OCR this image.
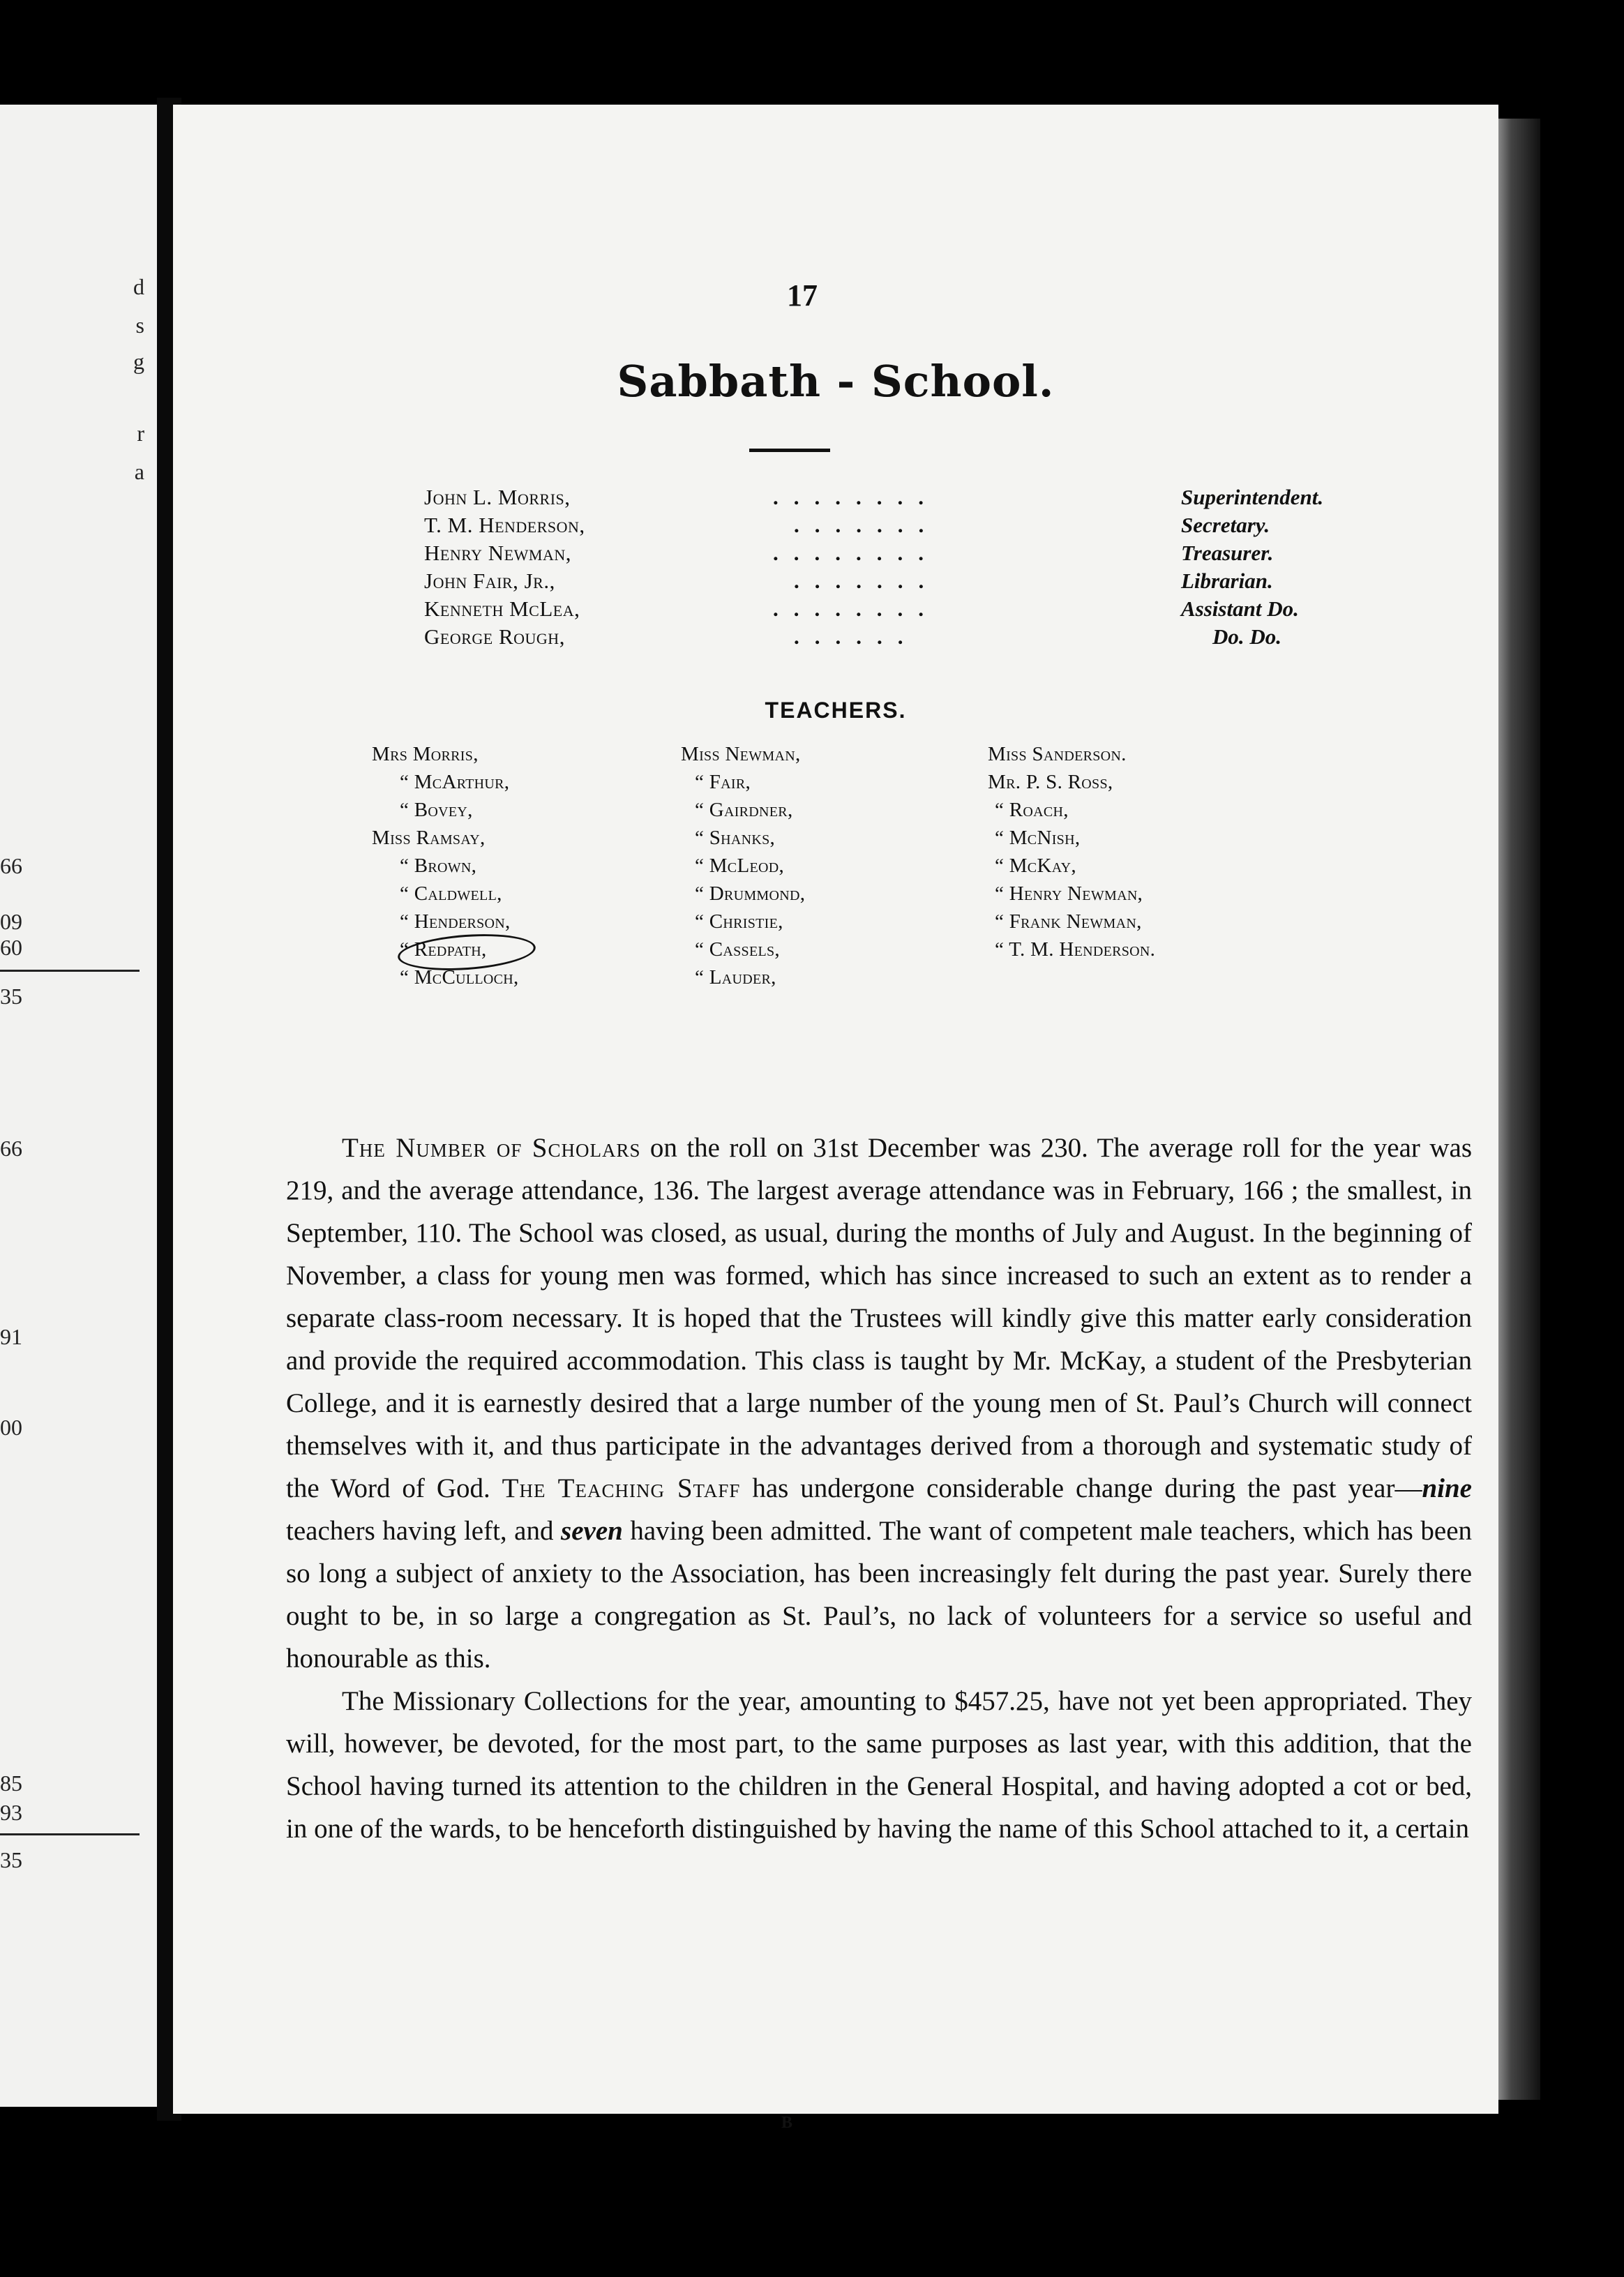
d
s
g
r
a
66
09
60
35
66
91
00
85
93
35
17
Sabbath - School.
John L. Morris,	........	Superintendent.
T. M. Henderson,	.......	Secretary.
Henry Newman,	........	Treasurer.
John Fair, Jr.,	.......	Librarian.
Kenneth McLea,	........	Assistant Do.
George Rough,	......	Do. Do.
TEACHERS.
Mrs Morris,
“ McArthur,
“ Bovey,
Miss Ramsay,
“ Brown,
“ Caldwell,
“ Henderson,
“ Redpath,
“ McCulloch,
Miss Newman,
“ Fair,
“ Gairdner,
“ Shanks,
“ McLeod,
“ Drummond,
“ Christie,
“ Cassels,
“ Lauder,
Miss Sanderson.
Mr. P. S. Ross,
“ Roach,
“ McNish,
“ McKay,
“ Henry Newman,
“ Frank Newman,
“ T. M. Henderson.

The Number of Scholars on the roll on 31st December was 230. The average roll for the year was 219, and the average attendance, 136. The largest average attendance was in February, 166 ; the smallest, in September, 110. The School was closed, as usual, during the months of July and August. In the beginning of November, a class for young men was formed, which has since increased to such an extent as to render a separate class-room necessary. It is hoped that the Trustees will kindly give this matter early consideration and provide the required accommodation. This class is taught by Mr. McKay, a student of the Presbyterian College, and it is earnestly desired that a large number of the young men of St. Paul’s Church will connect themselves with it, and thus participate in the advantages derived from a thorough and systematic study of the Word of God. The Teaching Staff has undergone considerable change during the past year—nine teachers having left, and seven having been admitted. The want of competent male teachers, which has been so long a subject of anxiety to the Association, has been increasingly felt during the past year. Surely there ought to be, in so large a congregation as St. Paul’s, no lack of volunteers for a service so useful and honourable as this.

The Missionary Collections for the year, amounting to $457.25, have not yet been appropriated. They will, however, be devoted, for the most part, to the same purposes as last year, with this addition, that the School having turned its attention to the children in the General Hospital, and having adopted a cot or bed, in one of the wards, to be henceforth distinguished by having the name of this School attached to it, a certain

B
